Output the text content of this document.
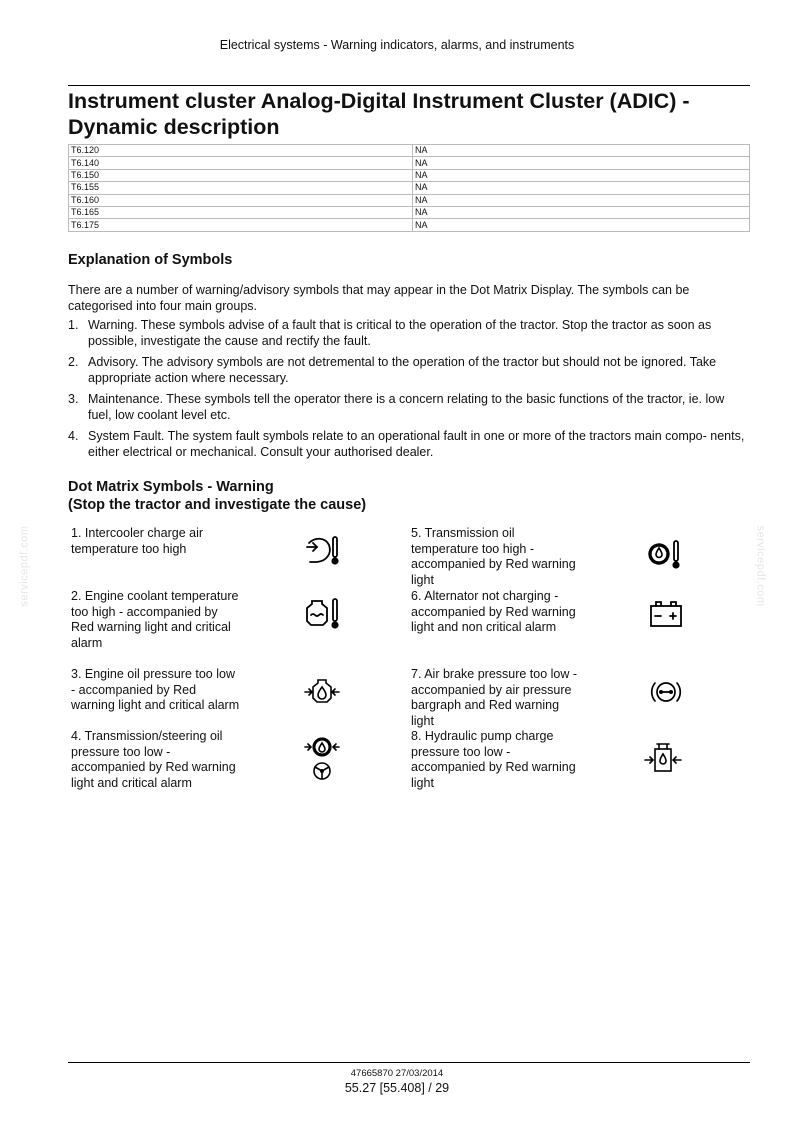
Electrical systems - Warning indicators, alarms, and instruments
Instrument cluster Analog-Digital Instrument Cluster (ADIC) -
Dynamic description
T6.120	NA
T6.140	NA
T6.150	NA
T6.155	NA
T6.160	NA
T6.165	NA
T6.175	NA
Explanation of Symbols

There are a number of warning/advisory symbols that may appear in the Dot Matrix Display. The symbols can be categorised into four main groups.

1. Warning. These symbols advise of a fault that is critical to the operation of the tractor. Stop the tractor as soon as possible, investigate the cause and rectify the fault.
2. Advisory. The advisory symbols are not detremental to the operation of the tractor but should not be ignored. Take appropriate action where necessary.
3. Maintenance. These symbols tell the operator there is a concern relating to the basic functions of the tractor, ie. low fuel, low coolant level etc.
4. System Fault. The system fault symbols relate to an operational fault in one or more of the tractors main compo- nents, either electrical or mechanical. Consult your authorised dealer.
Dot Matrix Symbols - Warning
(Stop the tractor and investigate the cause)
1. Intercooler charge air temperature too high
2. Engine coolant temperature too high - accompanied by Red warning light and critical alarm
3. Engine oil pressure too low - accompanied by Red warning light and critical alarm
4. Transmission/steering oil pressure too low - accompanied by Red warning light and critical alarm
5. Transmission oil temperature too high - accompanied by Red warning light
6. Alternator not charging - accompanied by Red warning light and non critical alarm
7. Air brake pressure too low - accompanied by air pressure bargraph and Red warning light
8. Hydraulic pump charge pressure too low - accompanied by Red warning light
servicepdf.com	servicepdf.com
47665870 27/03/2014
55.27 [55.408] / 29
